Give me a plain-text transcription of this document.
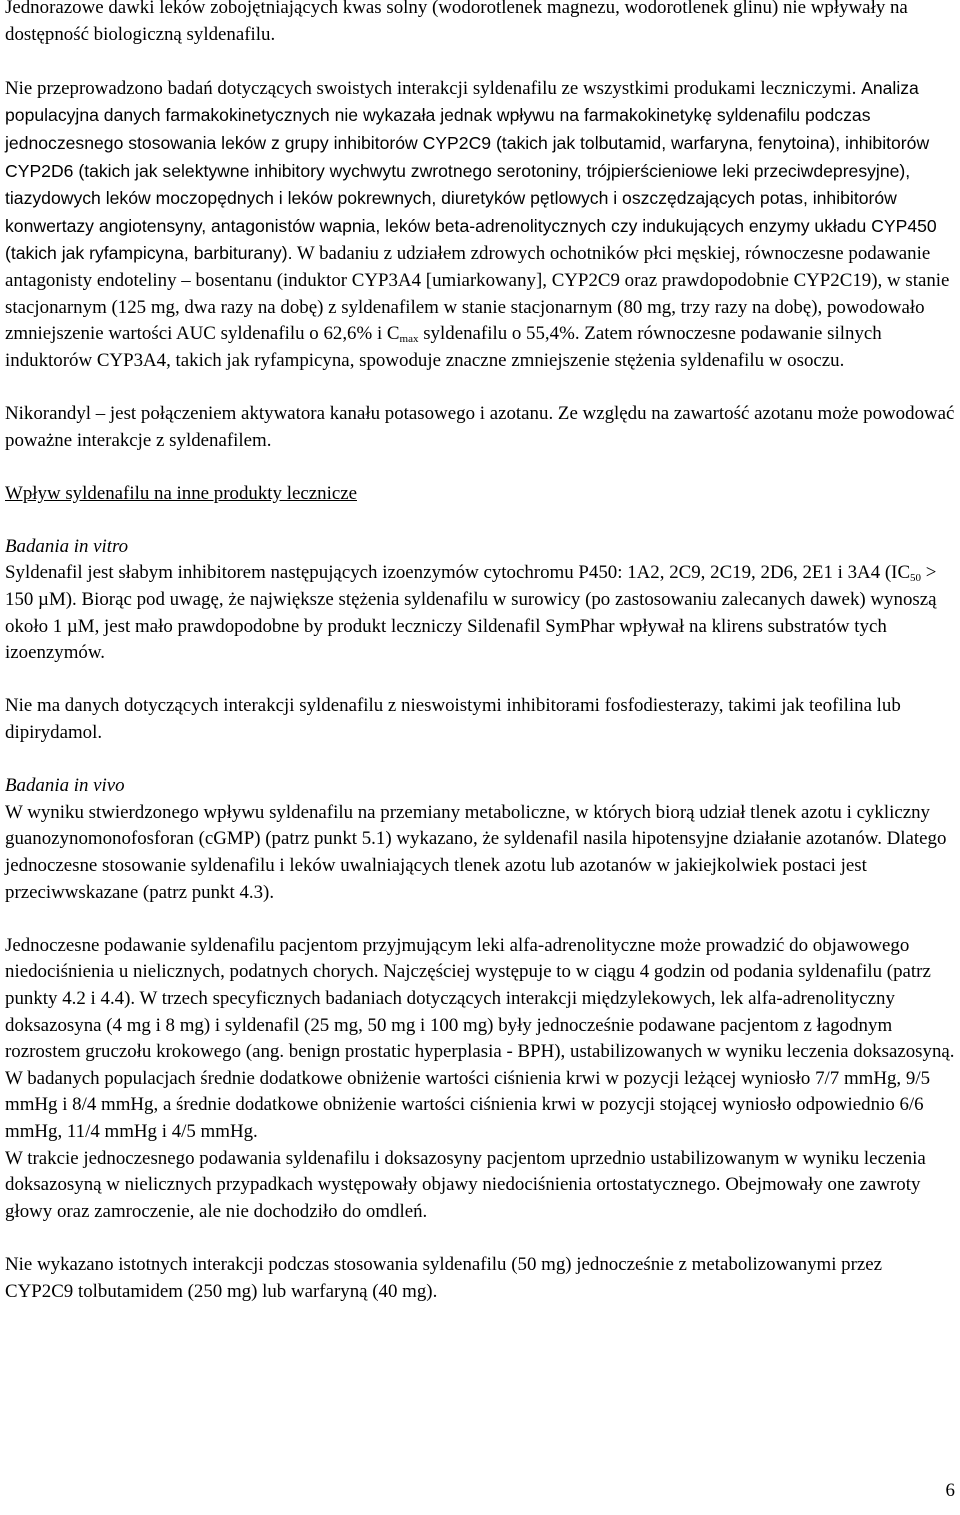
Jednorazowe dawki leków zobojętniających kwas solny (wodorotlenek magnezu, wodorotlenek glinu) nie wpływały na dostępność biologiczną syldenafilu.

Nie przeprowadzono badań dotyczących swoistych interakcji syldenafilu ze wszystkimi produkami leczniczymi. Analiza populacyjna danych farmakokinetycznych nie wykazała jednak wpływu na farmakokinetykę syldenafilu podczas jednoczesnego stosowania leków z grupy inhibitorów CYP2C9 (takich jak tolbutamid, warfaryna, fenytoina), inhibitorów CYP2D6 (takich jak selektywne inhibitory wychwytu zwrotnego serotoniny, trójpierścieniowe leki przeciwdepresyjne), tiazydowych leków moczopędnych i leków pokrewnych, diuretyków pętlowych i oszczędzających potas, inhibitorów konwertazy angiotensyny, antagonistów wapnia, leków beta-adrenolitycznych czy indukujących enzymy układu CYP450 (takich jak ryfampicyna, barbiturany). W badaniu z udziałem zdrowych ochotników płci męskiej, równoczesne podawanie antagonisty endoteliny – bosentanu (induktor CYP3A4 [umiarkowany], CYP2C9 oraz prawdopodobnie CYP2C19), w stanie stacjonarnym (125 mg, dwa razy na dobę) z syldenafilem w stanie stacjonarnym (80 mg, trzy razy na dobę), powodowało zmniejszenie wartości AUC syldenafilu o 62,6% i $C_{max}$ syldenafilu o 55,4%. Zatem równoczesne podawanie silnych induktorów CYP3A4, takich jak ryfampicyna, spowoduje znaczne zmniejszenie stężenia syldenafilu w osoczu.

Nikorandyl – jest połączeniem aktywatora kanału potasowego i azotanu. Ze względu na zawartość azotanu może powodować poważne interakcje z syldenafilem.

Wpływ syldenafilu na inne produkty lecznicze

Badania in vitro

Syldenafil jest słabym inhibitorem następujących izoenzymów cytochromu P450: 1A2, 2C9, 2C19, 2D6, 2E1 i 3A4 ($IC_{50} > 150$ µM). Biorąc pod uwagę, że największe stężenia syldenafilu w surowicy (po zastosowaniu zalecanych dawek) wynoszą około 1 µM, jest mało prawdopodobne by produkt leczniczy Sildenafil SymPhar wpływał na klirens substratów tych izoenzymów.

Nie ma danych dotyczących interakcji syldenafilu z nieswoistymi inhibitorami fosfodiesterazy, takimi jak teofilina lub dipirydamol.

Badania in vivo

W wyniku stwierdzonego wpływu syldenafilu na przemiany metaboliczne, w których biorą udział tlenek azotu i cykliczny guanozynomonofosforan (cGMP) (patrz punkt 5.1) wykazano, że syldenafil nasila hipotensyjne działanie azotanów. Dlatego jednoczesne stosowanie syldenafilu i leków uwalniających tlenek azotu lub azotanów w jakiejkolwiek postaci jest przeciwwskazane (patrz punkt 4.3).

Jednoczesne podawanie syldenafilu pacjentom przyjmującym leki alfa-adrenolityczne może prowadzić do objawowego niedociśnienia u nielicznych, podatnych chorych. Najczęściej występuje to w ciągu 4 godzin od podania syldenafilu (patrz punkty 4.2 i 4.4). W trzech specyficznych badaniach dotyczących interakcji międzylekowych, lek alfa-adrenolityczny doksazosyna (4 mg i 8 mg) i syldenafil (25 mg, 50 mg i 100 mg) były jednocześnie podawane pacjentom z łagodnym rozrostem gruczołu krokowego (ang. benign prostatic hyperplasia - BPH), ustabilizowanych w wyniku leczenia doksazosyną. W badanych populacjach średnie dodatkowe obniżenie wartości ciśnienia krwi w pozycji leżącej wyniosło 7/7 mmHg, 9/5 mmHg i 8/4 mmHg, a średnie dodatkowe obniżenie wartości ciśnienia krwi w pozycji stojącej wyniosło odpowiednio 6/6 mmHg, 11/4 mmHg i 4/5 mmHg.

W trakcie jednoczesnego podawania syldenafilu i doksazosyny pacjentom uprzednio ustabilizowanym w wyniku leczenia doksazosyną w nielicznych przypadkach występowały objawy niedociśnienia ortostatycznego. Obejmowały one zawroty głowy oraz zamroczenie, ale nie dochodziło do omdleń.

Nie wykazano istotnych interakcji podczas stosowania syldenafilu (50 mg) jednocześnie z metabolizowanymi przez CYP2C9 tolbutamidem (250 mg) lub warfaryną (40 mg).

6
